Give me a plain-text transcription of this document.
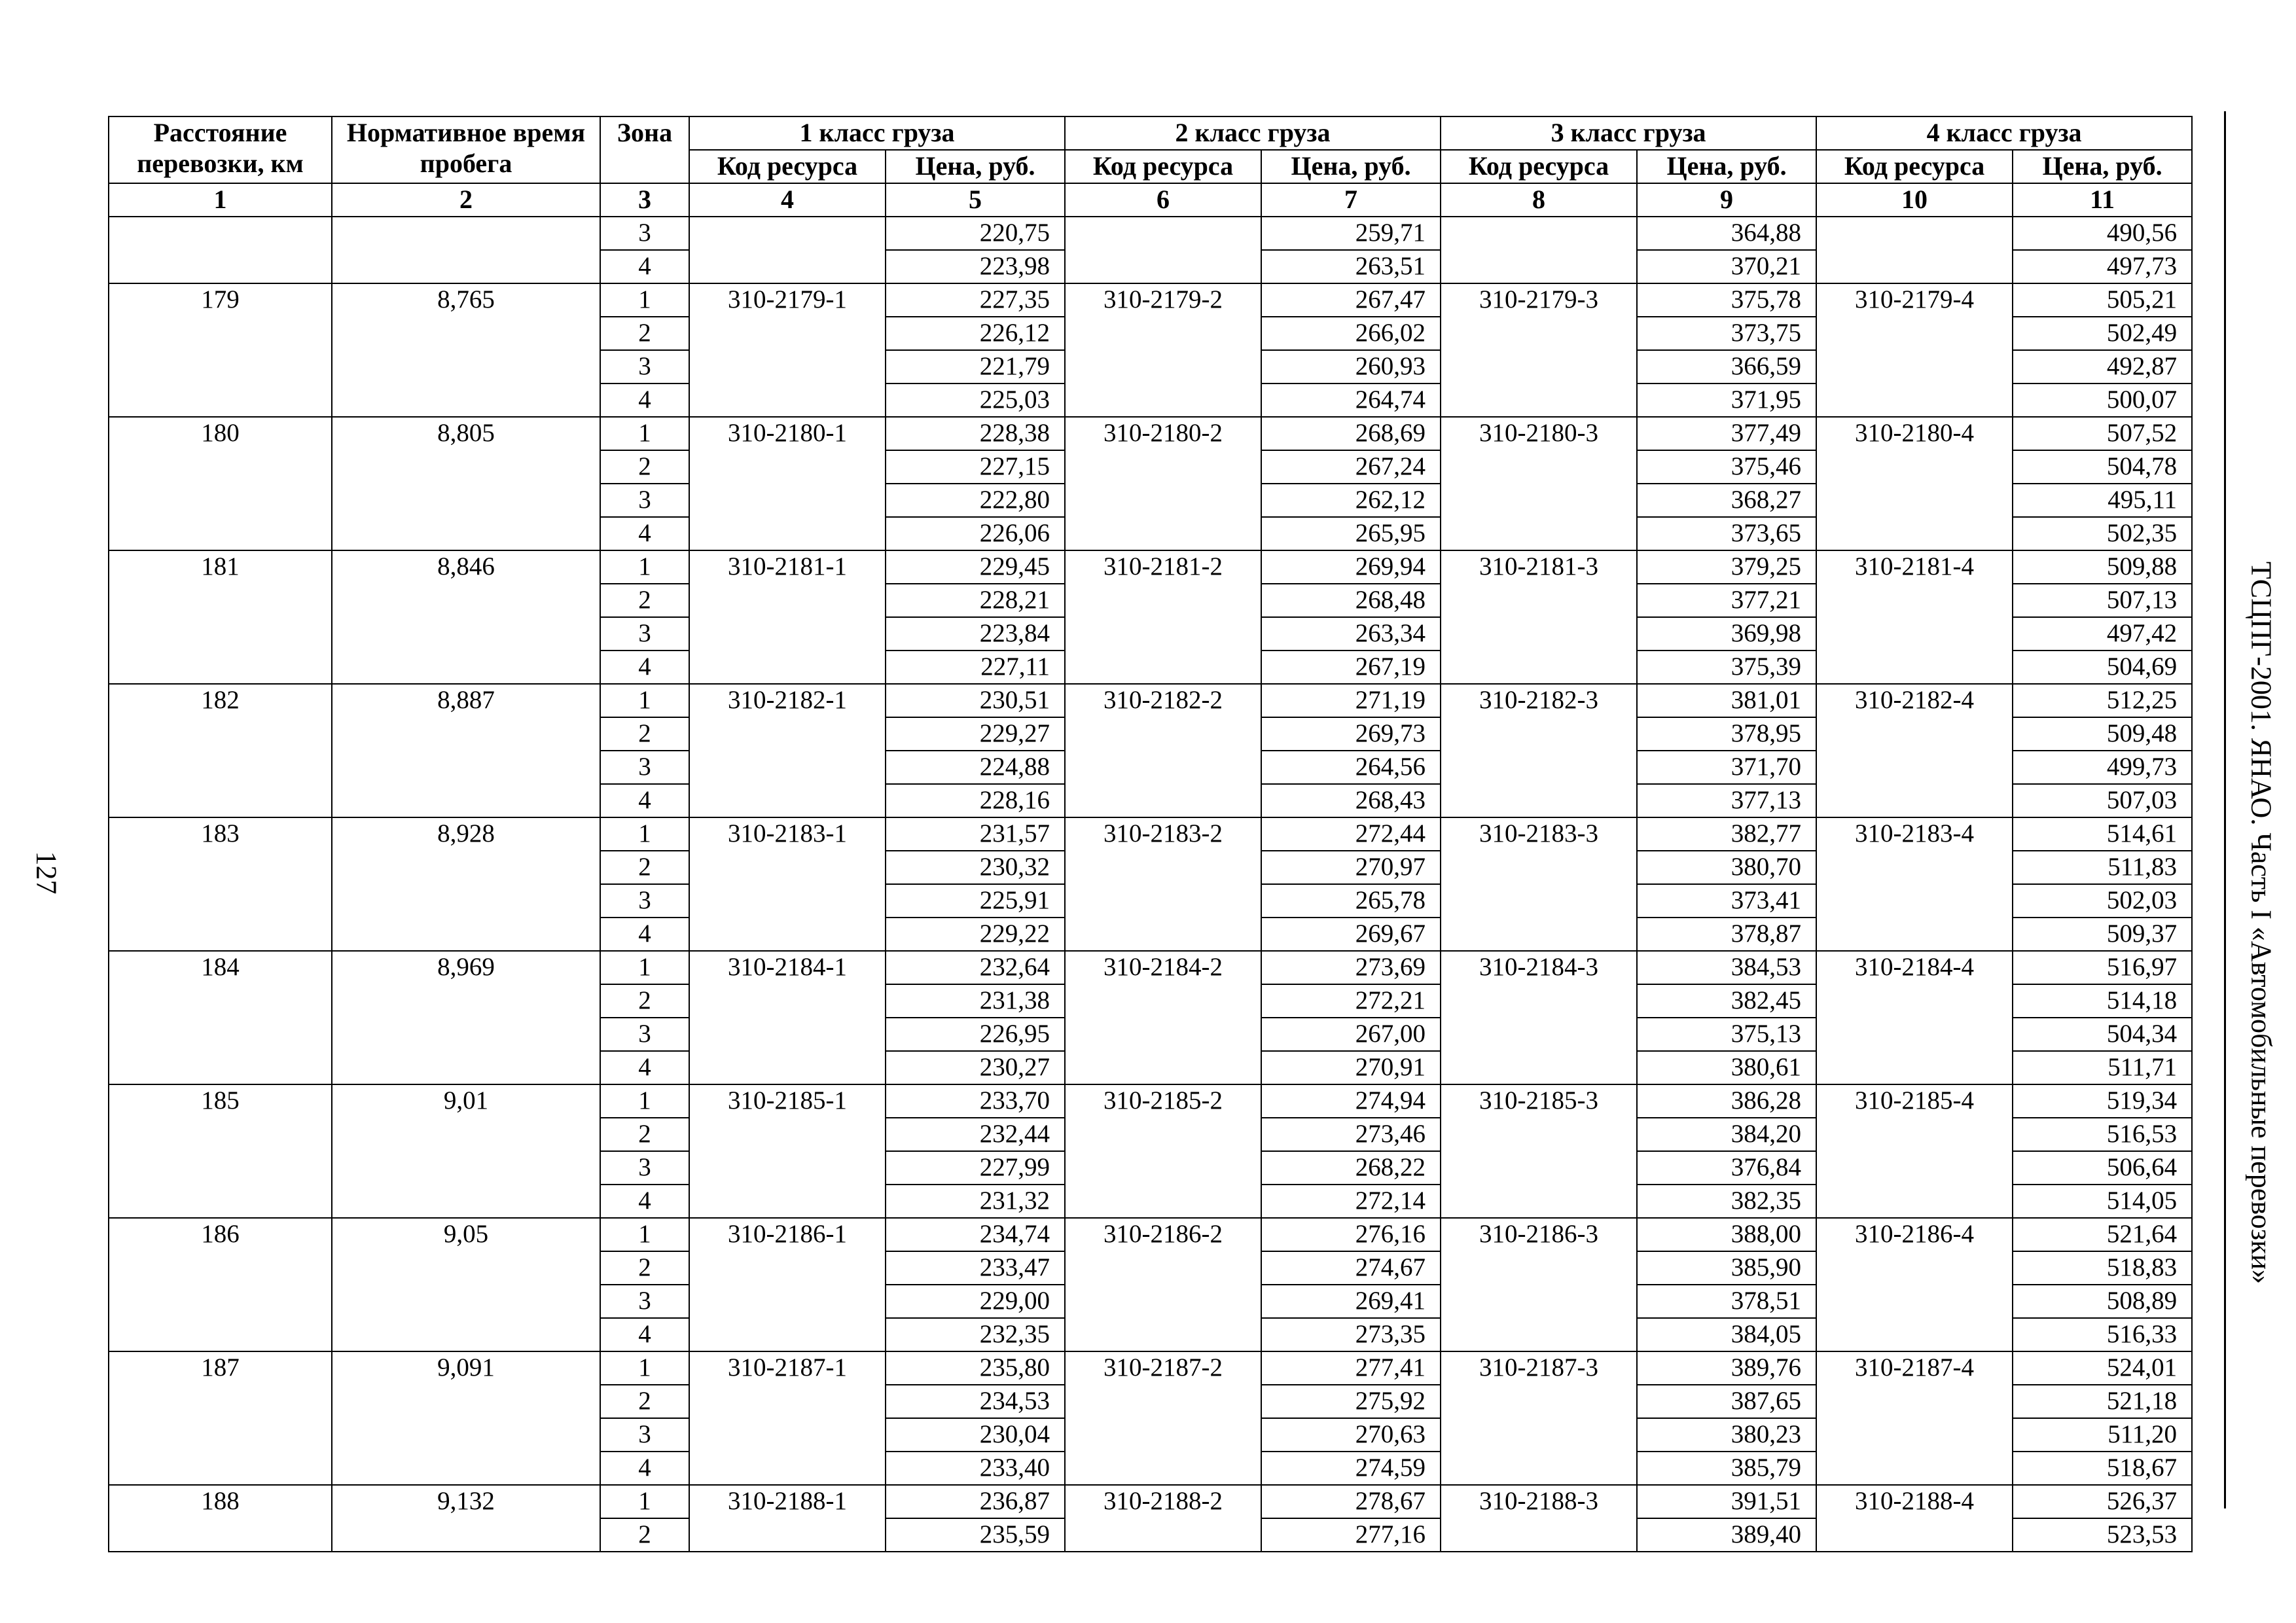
127	ТСЦПГ-2001. ЯНАО. Часть I «Автомобильные перевозки»
Расстояние перевозки, км	Нормативное время пробега	Зона	1 класс груза		2 класс груза		3 класс груза		4 класс груза	
			Код ресурса	Цена, руб.	Код ресурса	Цена, руб.	Код ресурса	Цена, руб.	Код ресурса	Цена, руб.
1	2	3	4	5	6	7	8	9	10	11
		3		220,75		259,71		364,88		490,56
		4		223,98		263,51		370,21		497,73
179	8,765	1	310-2179-1	227,35	310-2179-2	267,47	310-2179-3	375,78	310-2179-4	505,21
		2		226,12		266,02		373,75		502,49
		3		221,79		260,93		366,59		492,87
		4		225,03		264,74		371,95		500,07
180	8,805	1	310-2180-1	228,38	310-2180-2	268,69	310-2180-3	377,49	310-2180-4	507,52
		2		227,15		267,24		375,46		504,78
		3		222,80		262,12		368,27		495,11
		4		226,06		265,95		373,65		502,35
181	8,846	1	310-2181-1	229,45	310-2181-2	269,94	310-2181-3	379,25	310-2181-4	509,88
		2		228,21		268,48		377,21		507,13
		3		223,84		263,34		369,98		497,42
		4		227,11		267,19		375,39		504,69
182	8,887	1	310-2182-1	230,51	310-2182-2	271,19	310-2182-3	381,01	310-2182-4	512,25
		2		229,27		269,73		378,95		509,48
		3		224,88		264,56		371,70		499,73
		4		228,16		268,43		377,13		507,03
183	8,928	1	310-2183-1	231,57	310-2183-2	272,44	310-2183-3	382,77	310-2183-4	514,61
		2		230,32		270,97		380,70		511,83
		3		225,91		265,78		373,41		502,03
		4		229,22		269,67		378,87		509,37
184	8,969	1	310-2184-1	232,64	310-2184-2	273,69	310-2184-3	384,53	310-2184-4	516,97
		2		231,38		272,21		382,45		514,18
		3		226,95		267,00		375,13		504,34
		4		230,27		270,91		380,61		511,71
185	9,01	1	310-2185-1	233,70	310-2185-2	274,94	310-2185-3	386,28	310-2185-4	519,34
		2		232,44		273,46		384,20		516,53
		3		227,99		268,22		376,84		506,64
		4		231,32		272,14		382,35		514,05
186	9,05	1	310-2186-1	234,74	310-2186-2	276,16	310-2186-3	388,00	310-2186-4	521,64
		2		233,47		274,67		385,90		518,83
		3		229,00		269,41		378,51		508,89
		4		232,35		273,35		384,05		516,33
187	9,091	1	310-2187-1	235,80	310-2187-2	277,41	310-2187-3	389,76	310-2187-4	524,01
		2		234,53		275,92		387,65		521,18
		3		230,04		270,63		380,23		511,20
		4		233,40		274,59		385,79		518,67
188	9,132	1	310-2188-1	236,87	310-2188-2	278,67	310-2188-3	391,51	310-2188-4	526,37
		2		235,59		277,16		389,40		523,53
